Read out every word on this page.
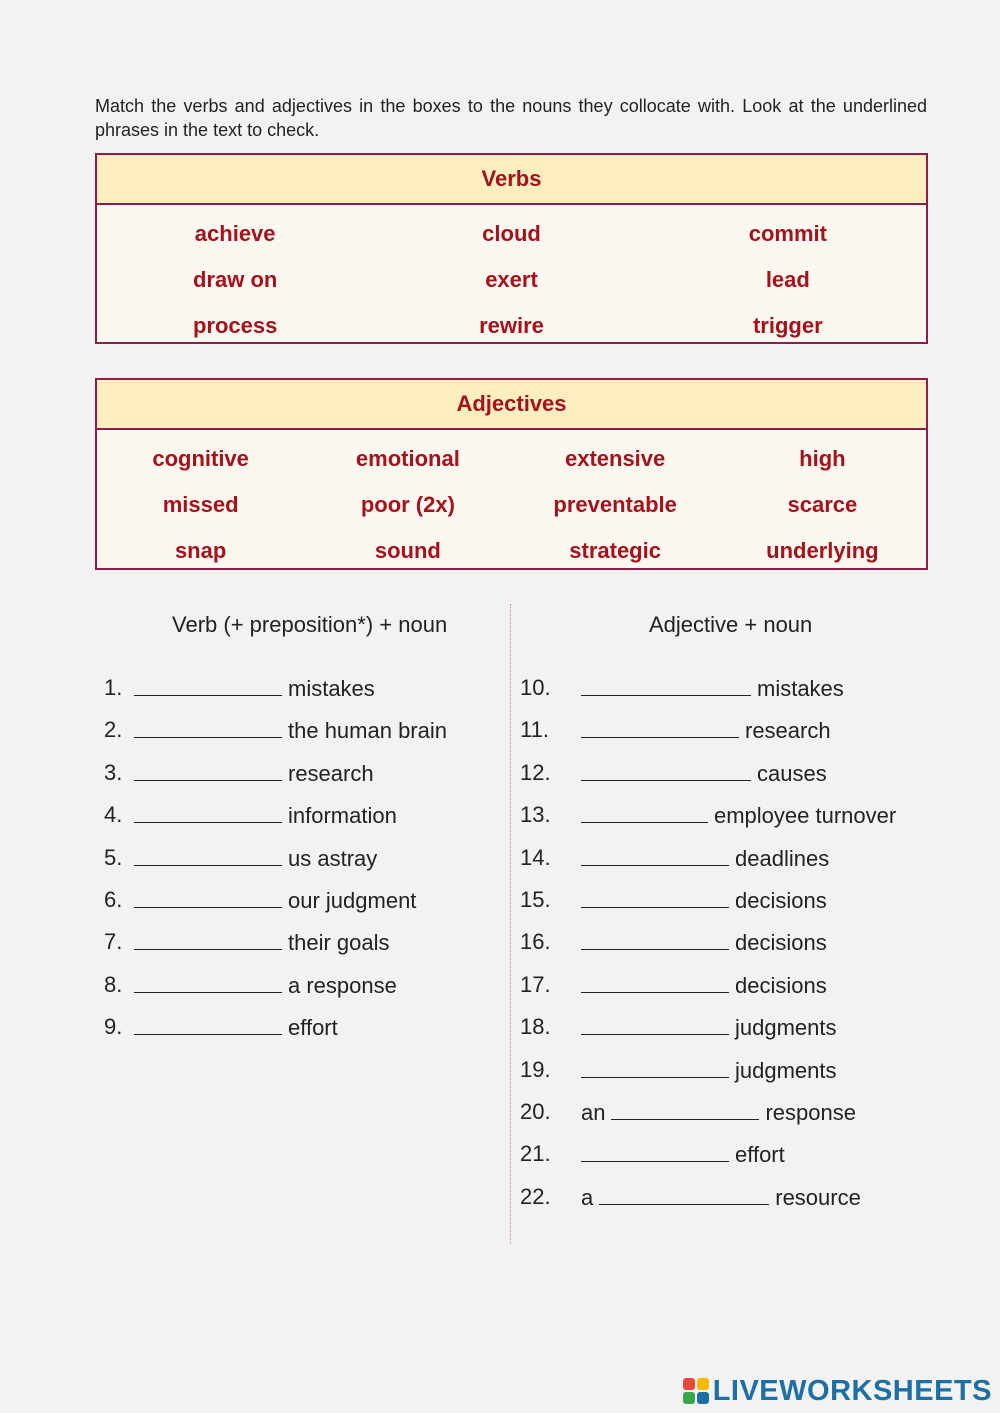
Match the verbs and adjectives in the boxes to the nouns they collocate with. Look at the underlined phrases in the text to check.
Verbs
achieve	cloud	commit
draw on	exert	lead
process	rewire	trigger
Adjectives
cognitive	emotional	extensive	high
missed	poor (2x)	preventable	scarce
snap	sound	strategic	underlying
Verb (+ preposition*) + noun	Adjective + noun
1.	mistakes
2.	the human brain
3.	research
4.	information
5.	us astray
6.	our judgment
7.	their goals
8.	a response
9.	effort
10.	mistakes
11.	research
12.	causes
13.	employee turnover
14.	deadlines
15.	decisions
16.	decisions
17.	decisions
18.	judgments
19.	judgments
20. an	response
21.	effort
22. a	resource
LIVEWORKSHEETS
